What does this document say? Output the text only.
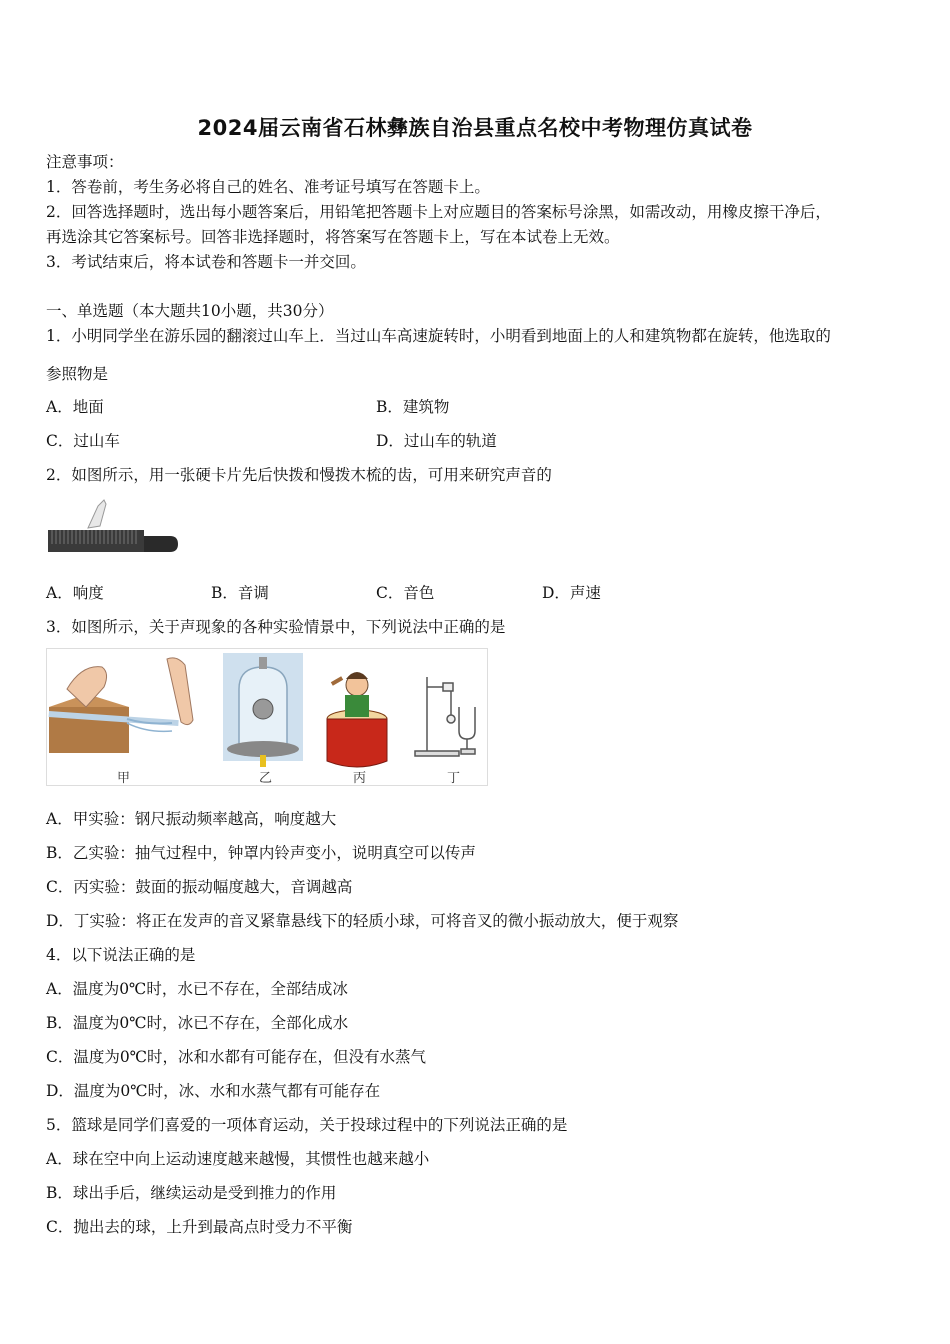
2024届云南省石林彝族自治县重点名校中考物理仿真试卷
注意事项：
1．答卷前，考生务必将自己的姓名、准考证号填写在答题卡上。
2．回答选择题时，选出每小题答案后，用铅笔把答题卡上对应题目的答案标号涂黑，如需改动，用橡皮擦干净后，
再选涂其它答案标号。回答非选择题时，将答案写在答题卡上，写在本试卷上无效。
3．考试结束后，将本试卷和答题卡一并交回。
一、单选题（本大题共10小题，共30分）
1．小明同学坐在游乐园的翻滚过山车上．当过山车高速旋转时，小明看到地面上的人和建筑物都在旋转，他选取的
参照物是
A．地面	B．建筑物
C．过山车	D．过山车的轨道
2．如图所示，用一张硬卡片先后快拨和慢拨木梳的齿，可用来研究声音的
A．响度	B．音调	C．音色	D．声速
3．如图所示，关于声现象的各种实验情景中，下列说法中正确的是
甲	乙	丙	丁
A．甲实验：钢尺振动频率越高，响度越大
B．乙实验：抽气过程中，钟罩内铃声变小，说明真空可以传声
C．丙实验：鼓面的振动幅度越大，音调越高
D．丁实验：将正在发声的音叉紧靠悬线下的轻质小球，可将音叉的微小振动放大，便于观察
4．以下说法正确的是
A．温度为0℃时，水已不存在，全部结成冰
B．温度为0℃时，冰已不存在，全部化成水
C．温度为0℃时，冰和水都有可能存在，但没有水蒸气
D．温度为0℃时，冰、水和水蒸气都有可能存在
5．篮球是同学们喜爱的一项体育运动，关于投球过程中的下列说法正确的是
A．球在空中向上运动速度越来越慢，其惯性也越来越小
B．球出手后，继续运动是受到推力的作用
C．抛出去的球，上升到最高点时受力不平衡
